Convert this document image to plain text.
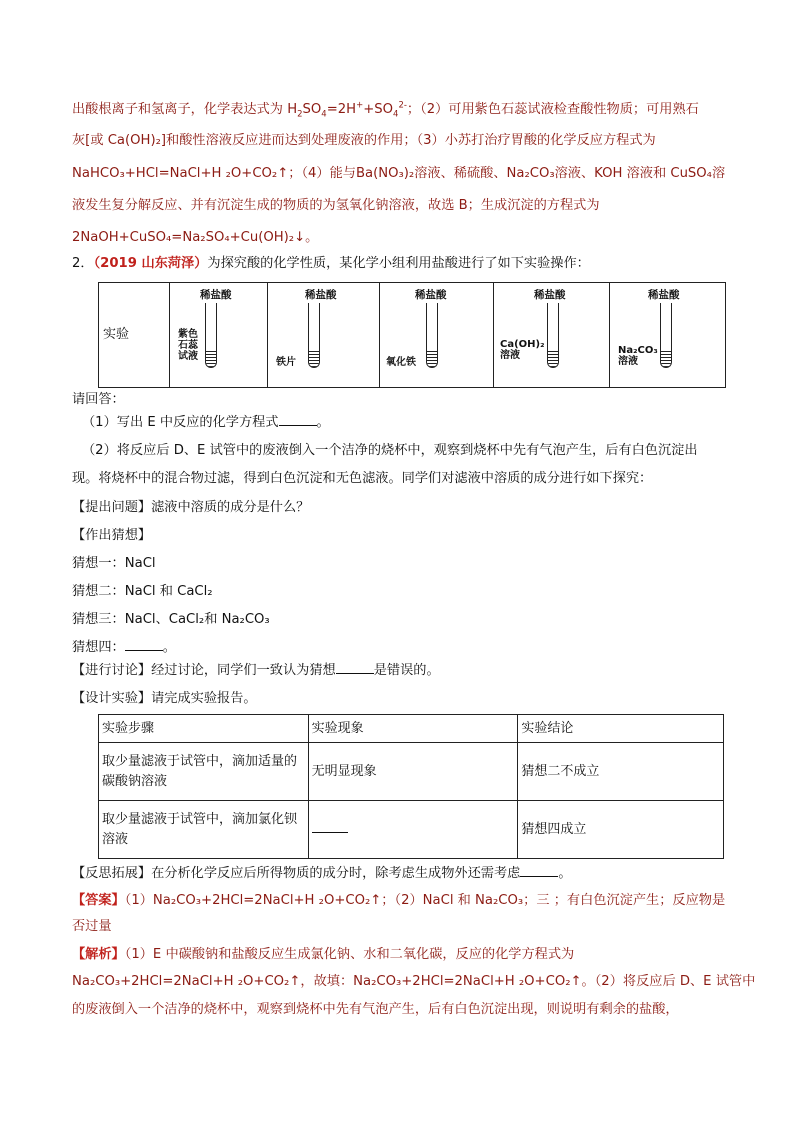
出酸根离子和氢离子，化学表达式为 $H_2SO_4=2H^++SO_4^{2-}$；（2）可用紫色石蕊试液检查酸性物质；可用熟石
灰[或 Ca(OH)₂]和酸性溶液反应进而达到处理废液的作用；（3）小苏打治疗胃酸的化学反应方程式为
NaHCO₃+HCl=NaCl+H ₂O+CO₂↑；（4）能与Ba(NO₃)₂溶液、稀硫酸、Na₂CO₃溶液、KOH 溶液和 CuSO₄溶
液发生复分解反应、并有沉淀生成的物质的为氢氧化钠溶液，故选 B；生成沉淀的方程式为
2NaOH+CuSO₄=Na₂SO₄+Cu(OH)₂↓。
2．（2019 山东菏泽）为探究酸的化学性质，某化学小组利用盐酸进行了如下实验操作：
实验
稀盐酸
紫色
石蕊
试液
稀盐酸
铁片
稀盐酸
氧化铁
稀盐酸
Ca(OH)₂
溶液
稀盐酸
Na₂CO₃
溶液
请回答：
（1）写出 E 中反应的化学方程式	。
（2）将反应后 D、E 试管中的废液倒入一个洁净的烧杯中，观察到烧杯中先有气泡产生，后有白色沉淀出
现。将烧杯中的混合物过滤，得到白色沉淀和无色滤液。同学们对滤液中溶质的成分进行如下探究：
【提出问题】滤液中溶质的成分是什么？
【作出猜想】
猜想一：NaCl
猜想二：NaCl 和 CaCl₂
猜想三：NaCl、CaCl₂和 Na₂CO₃
猜想四：	。
【进行讨论】经过讨论，同学们一致认为猜想	是错误的。
【设计实验】请完成实验报告。
实验步骤	实验现象	实验结论

取少量滤液于试管中，滴加适量的
碳酸钠溶液	无明显现象	猜想二不成立

取少量滤液于试管中，滴加氯化钡
溶液		猜想四成立
【反思拓展】在分析化学反应后所得物质的成分时，除考虑生成物外还需考虑	。
【答案】（1）Na₂CO₃+2HCl=2NaCl+H ₂O+CO₂↑；（2）NaCl 和 Na₂CO₃；三 ；有白色沉淀产生；反应物是
否过量
【解析】（1）E 中碳酸钠和盐酸反应生成氯化钠、水和二氧化碳，反应的化学方程式为
Na₂CO₃+2HCl=2NaCl+H ₂O+CO₂↑，故填：Na₂CO₃+2HCl=2NaCl+H ₂O+CO₂↑。（2）将反应后 D、E 试管中
的废液倒入一个洁净的烧杯中，观察到烧杯中先有气泡产生，后有白色沉淀出现，则说明有剩余的盐酸，
